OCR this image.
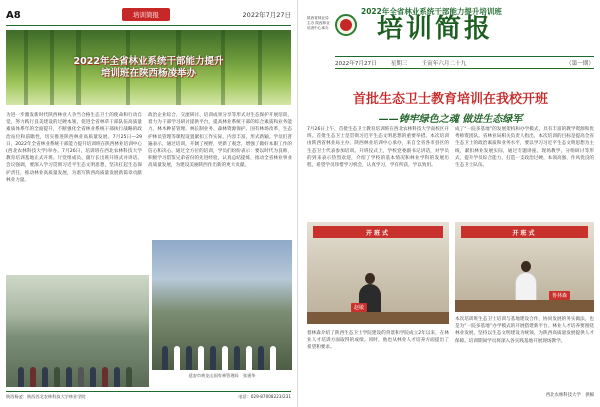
A8	培训简报	2022年7月27日
2022年全省林业系统干部能力提升
培训班在陕西杨凌举办
为进一步激发新时代陕西林业人争当合格生态卫士的使命和行动自觉，努力践行良美建设的过硬本领，促进全省林草干部队伍高质量素质体系年的全面提升，不断强化全省林业系统干部执行战略的政治站位和前瞻性，切实推进陕西林业高质量发展。7月25日—29日，2022年全省林业系统干部能力提升培训班在陕西林业培训中心(西北农林科技大学)举办。7月26日，培训班在西北农林科技大学教育培训基地正式开班。厅党组成员、副厅长出席开班式并讲话。会议强调，要深入学习贯彻习近平生态文明思想，坚决扛起生态保护责任，推动林业高质量发展，为谱写陕西高质量发展新篇章贡献林业力量。
政治企业综合、交流研讨、培训成果分享等形式对生态保护开展培训，着力为干部学习研讨提供平台，提高林业系统干部的综合素质和业务能力。林木种苗管理、林长制业务、森林资源保护、国有林场改革、生态护林员管理等课程设置紧扣工作实际，内容丰富，形式新颖。学员们普遍表示，通过培训，开阔了视野，更新了观念，增强了做好本职工作的信心和决心。通过全方位的培训，学员们纷纷表示：要以时代为良师，积极学习借鉴兄弟省份的先进经验，认真总结提炼，推动全省林业事业高质量发展，为建设美丽陕西作出新的更大贡献。
延安市黄龙山国有林管理局　张建华
陕西杨凌：陕西西北农林科技大学林业学院	电话：029-87008223/231
2022年全省林业系统干部能力提升培训班
陕西省林业局主办 陕西林业培训中心承办 培训简报
2022年7月27日	星期三	壬寅年六月二十九	（第一期）
首批生态卫士教育培训在我校开班
——铸牢绿色之魂 做进生态绿军
7月26日上午，首批生态卫士教育培训班在西北农林科技大学南校区开班。首批生态卫士是贯彻习近平生态文明思想的重要举措。本次培训由陕西省林业局主办，陕西林业培训中心承办，来自全省各市县区的生态卫士代表参加培训。开班仪式上，学校党委副书记讲话，对学员的到来表示热烈欢迎，介绍了学校的基本情况和林业学科的发展历程，希望学员珍惜学习机会，认真学习，学有所获，学以致用。
成了“一院多基地”的发展架构和办学模式，具有丰富的教学资源和优秀师资团队。省林业局相关负责人指出，本次培训的目标是提高全省生态卫士的政治素质和业务水平，要以学习习近平生态文明思想为主线，紧扣林业发展实际，通过专题讲座、现场教学、分组研讨等形式，提升学员综合能力，打造一支政治过硬、本领高强、作风优良的生态卫士队伍。
开班式
赵敏
开班式
鲁林森
督林森介绍了陕西生态卫士学院建设的背景和学院成立2年以来，在林业人才培训方面取得的成绩。同时，他也从林业人才培养方面提出了希望和要求。
本次培训班生态卫士培训与基地建设合作，协同发展的务实做法，也是为“一院多基地”办学模式的开展搭建新平台。林业人才培养要围绕林业发展，坚持以生态文明建设为统领，为陕西高质量发展提供人才保障。培训期间学员将深入各实践基地开展现场教学。
西北农林科技大学　供稿
